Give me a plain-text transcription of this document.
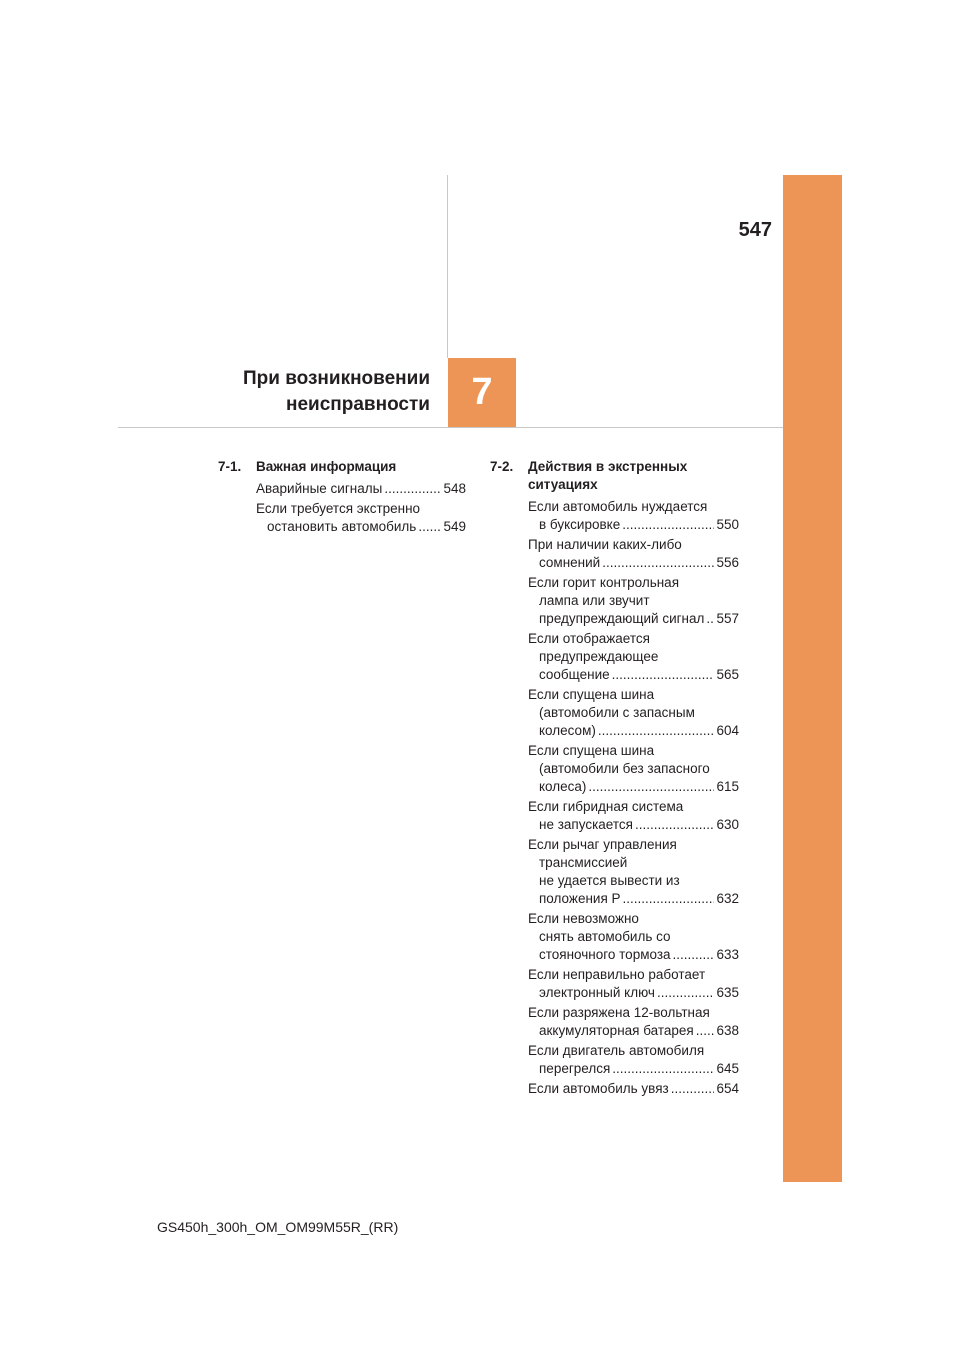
547
При возникновении
неисправности	7
7-1.	Важная информация
Аварийные сигналы .....	548
Если требуется экстренно
остановить автомобиль ..... 549
7-2.	Действия в экстренных ситуациях
Если автомобиль нуждается
в буксировке .....	550
При наличии каких-либо
сомнений .....	556
Если горит контрольная
лампа или звучит
предупреждающий сигнал ..... 557
Если отображается
предупреждающее
сообщение .....	565
Если спущена шина
(автомобили с запасным
колесом) .....	604
Если спущена шина
(автомобили без запасного
колеса) .....	615
Если гибридная система
не запускается .....	630
Если рычаг управления
трансмиссией
не удается вывести из
положения P .....	632
Если невозможно
снять автомобиль со
стояночного тормоза .....	633
Если неправильно работает
электронный ключ .....	635
Если разряжена 12-вольтная
аккумуляторная батарея ..... 638
Если двигатель автомобиля
перегрелся .....	645
Если автомобиль увяз .....	654
GS450h_300h_OM_OM99M55R_(RR)
